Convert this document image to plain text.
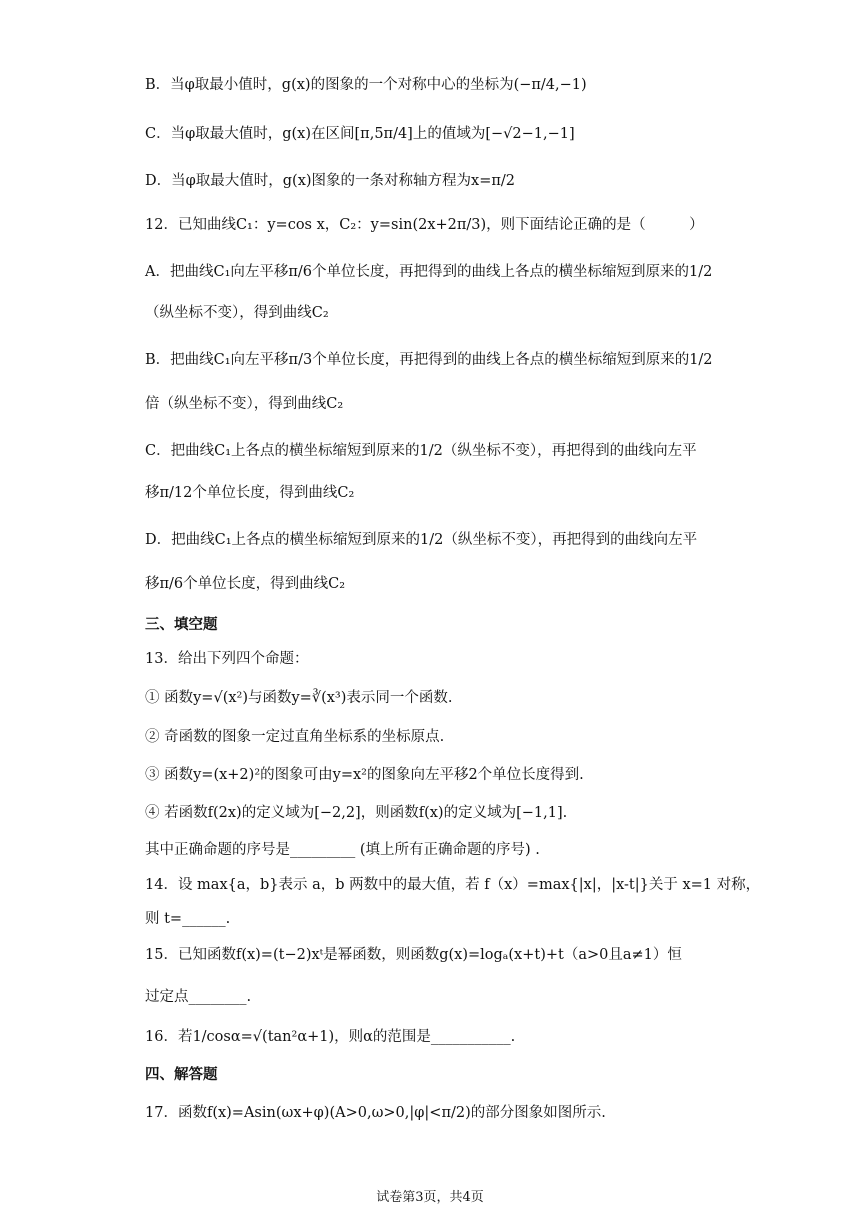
B．当φ取最小值时，g(x)的图象的一个对称中心的坐标为(−π/4,−1)
C．当φ取最大值时，g(x)在区间[π,5π/4]上的值域为[−√2−1,−1]
D．当φ取最大值时，g(x)图象的一条对称轴方程为x=π/2
12．已知曲线C₁：y=cos x，C₂：y=sin(2x+2π/3)，则下面结论正确的是（　　　）
A．把曲线C₁向左平移π/6个单位长度，再把得到的曲线上各点的横坐标缩短到原来的1/2
（纵坐标不变），得到曲线C₂
B．把曲线C₁向左平移π/3个单位长度，再把得到的曲线上各点的横坐标缩短到原来的1/2
倍（纵坐标不变），得到曲线C₂
C．把曲线C₁上各点的横坐标缩短到原来的1/2（纵坐标不变），再把得到的曲线向左平
移π/12个单位长度，得到曲线C₂
D．把曲线C₁上各点的横坐标缩短到原来的1/2（纵坐标不变），再把得到的曲线向左平
移π/6个单位长度，得到曲线C₂
三、填空题
13．给出下列四个命题：
① 函数y=√(x²)与函数y=∛(x³)表示同一个函数.
② 奇函数的图象一定过直角坐标系的坐标原点.
③ 函数y=(x+2)²的图象可由y=x²的图象向左平移2个单位长度得到.
④ 若函数f(2x)的定义域为[−2,2]，则函数f(x)的定义域为[−1,1].
其中正确命题的序号是_________ (填上所有正确命题的序号) .
14．设 max{a，b}表示 a，b 两数中的最大值，若 f（x）=max{|x|，|x-t|}关于 x=1 对称，
则 t=______.
15．已知函数f(x)=(t−2)xᵗ是幂函数，则函数g(x)=logₐ(x+t)+t（a>0且a≠1）恒
过定点________.
16．若1/cosα=√(tan²α+1)，则α的范围是___________.
四、解答题
17．函数f(x)=Asin(ωx+φ)(A>0,ω>0,|φ|<π/2)的部分图象如图所示.
试卷第3页，共4页
